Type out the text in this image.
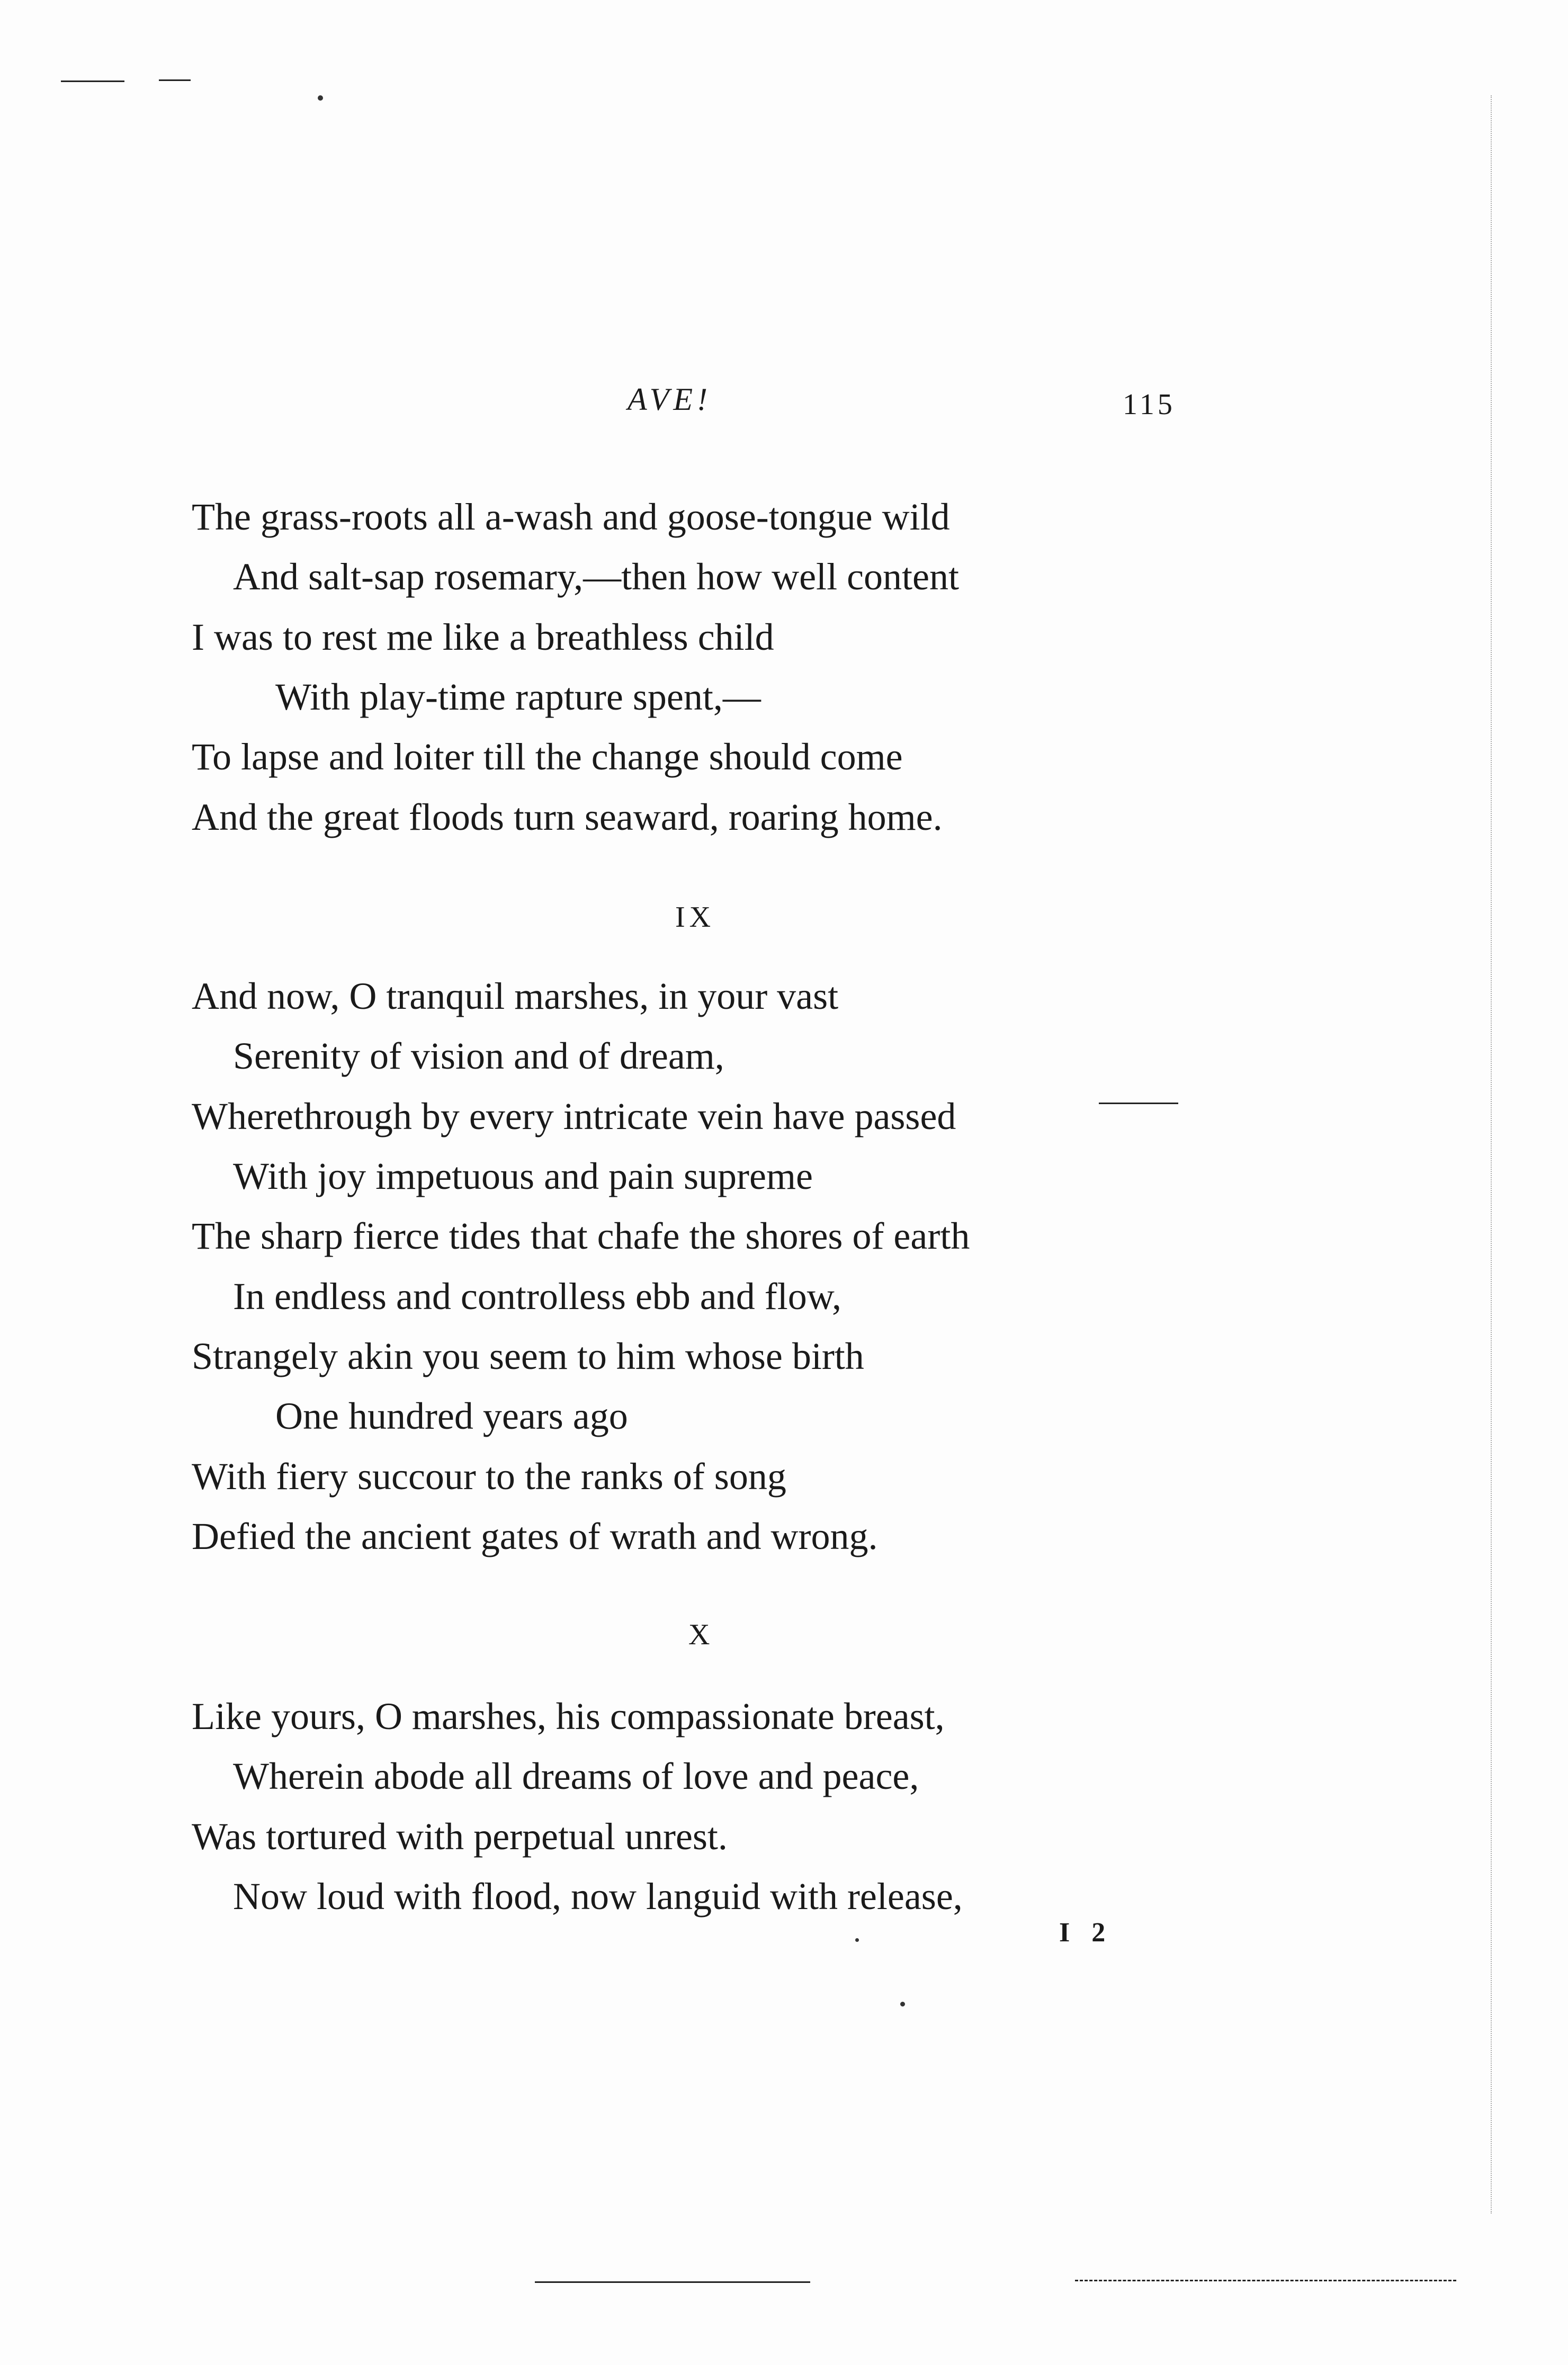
AVE!	115
The grass-roots all a-wash and goose-tongue wild
And salt-sap rosemary,—then how well content
I was to rest me like a breathless child
With play-time rapture spent,—
To lapse and loiter till the change should come
And the great floods turn seaward, roaring home.
IX
And now, O tranquil marshes, in your vast
Serenity of vision and of dream,
Wherethrough by every intricate vein have passed
With joy impetuous and pain supreme
The sharp fierce tides that chafe the shores of earth
In endless and controlless ebb and flow,
Strangely akin you seem to him whose birth
One hundred years ago
With fiery succour to the ranks of song
Defied the ancient gates of wrath and wrong.
X
Like yours, O marshes, his compassionate breast,
Wherein abode all dreams of love and peace,
Was tortured with perpetual unrest.
Now loud with flood, now languid with release,
I 2
